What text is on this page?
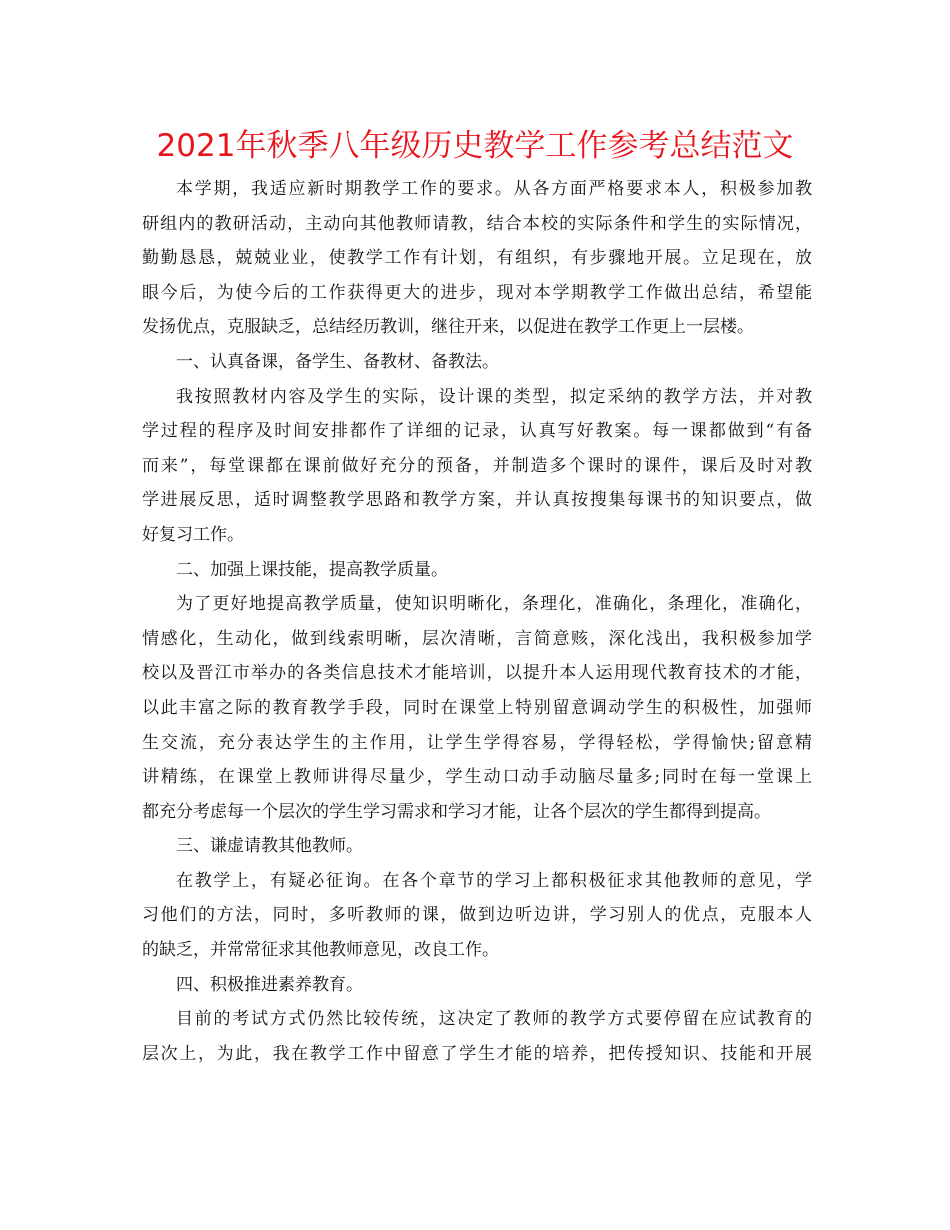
2021年秋季八年级历史教学工作参考总结范文

本学期，我适应新时期教学工作的要求。从各方面严格要求本人，积极参加教
研组内的教研活动，主动向其他教师请教，结合本校的实际条件和学生的实际情况，
勤勤恳恳，兢兢业业，使教学工作有计划，有组织，有步骤地开展。立足现在，放
眼今后，为使今后的工作获得更大的进步，现对本学期教学工作做出总结，希望能
发扬优点，克服缺乏，总结经历教训，继往开来，以促进在教学工作更上一层楼。

一、认真备课，备学生、备教材、备教法。

我按照教材内容及学生的实际，设计课的类型，拟定采纳的教学方法，并对教
学过程的程序及时间安排都作了详细的记录，认真写好教案。每一课都做到“有备
而来”，每堂课都在课前做好充分的预备，并制造多个课时的课件，课后及时对教
学进展反思，适时调整教学思路和教学方案，并认真按搜集每课书的知识要点，做
好复习工作。

二、加强上课技能，提高教学质量。

为了更好地提高教学质量，使知识明晰化，条理化，准确化，条理化，准确化，
情感化，生动化，做到线索明晰，层次清晰，言简意赅，深化浅出，我积极参加学
校以及晋江市举办的各类信息技术才能培训，以提升本人运用现代教育技术的才能，
以此丰富之际的教育教学手段，同时在课堂上特别留意调动学生的积极性，加强师
生交流，充分表达学生的主作用，让学生学得容易，学得轻松，学得愉快;留意精
讲精练，在课堂上教师讲得尽量少，学生动口动手动脑尽量多;同时在每一堂课上
都充分考虑每一个层次的学生学习需求和学习才能，让各个层次的学生都得到提高。

三、谦虚请教其他教师。

在教学上，有疑必征询。在各个章节的学习上都积极征求其他教师的意见，学
习他们的方法，同时，多听教师的课，做到边听边讲，学习别人的优点，克服本人
的缺乏，并常常征求其他教师意见，改良工作。

四、积极推进素养教育。

目前的考试方式仍然比较传统，这决定了教师的教学方式要停留在应试教育的
层次上，为此，我在教学工作中留意了学生才能的培养，把传授知识、技能和开展
